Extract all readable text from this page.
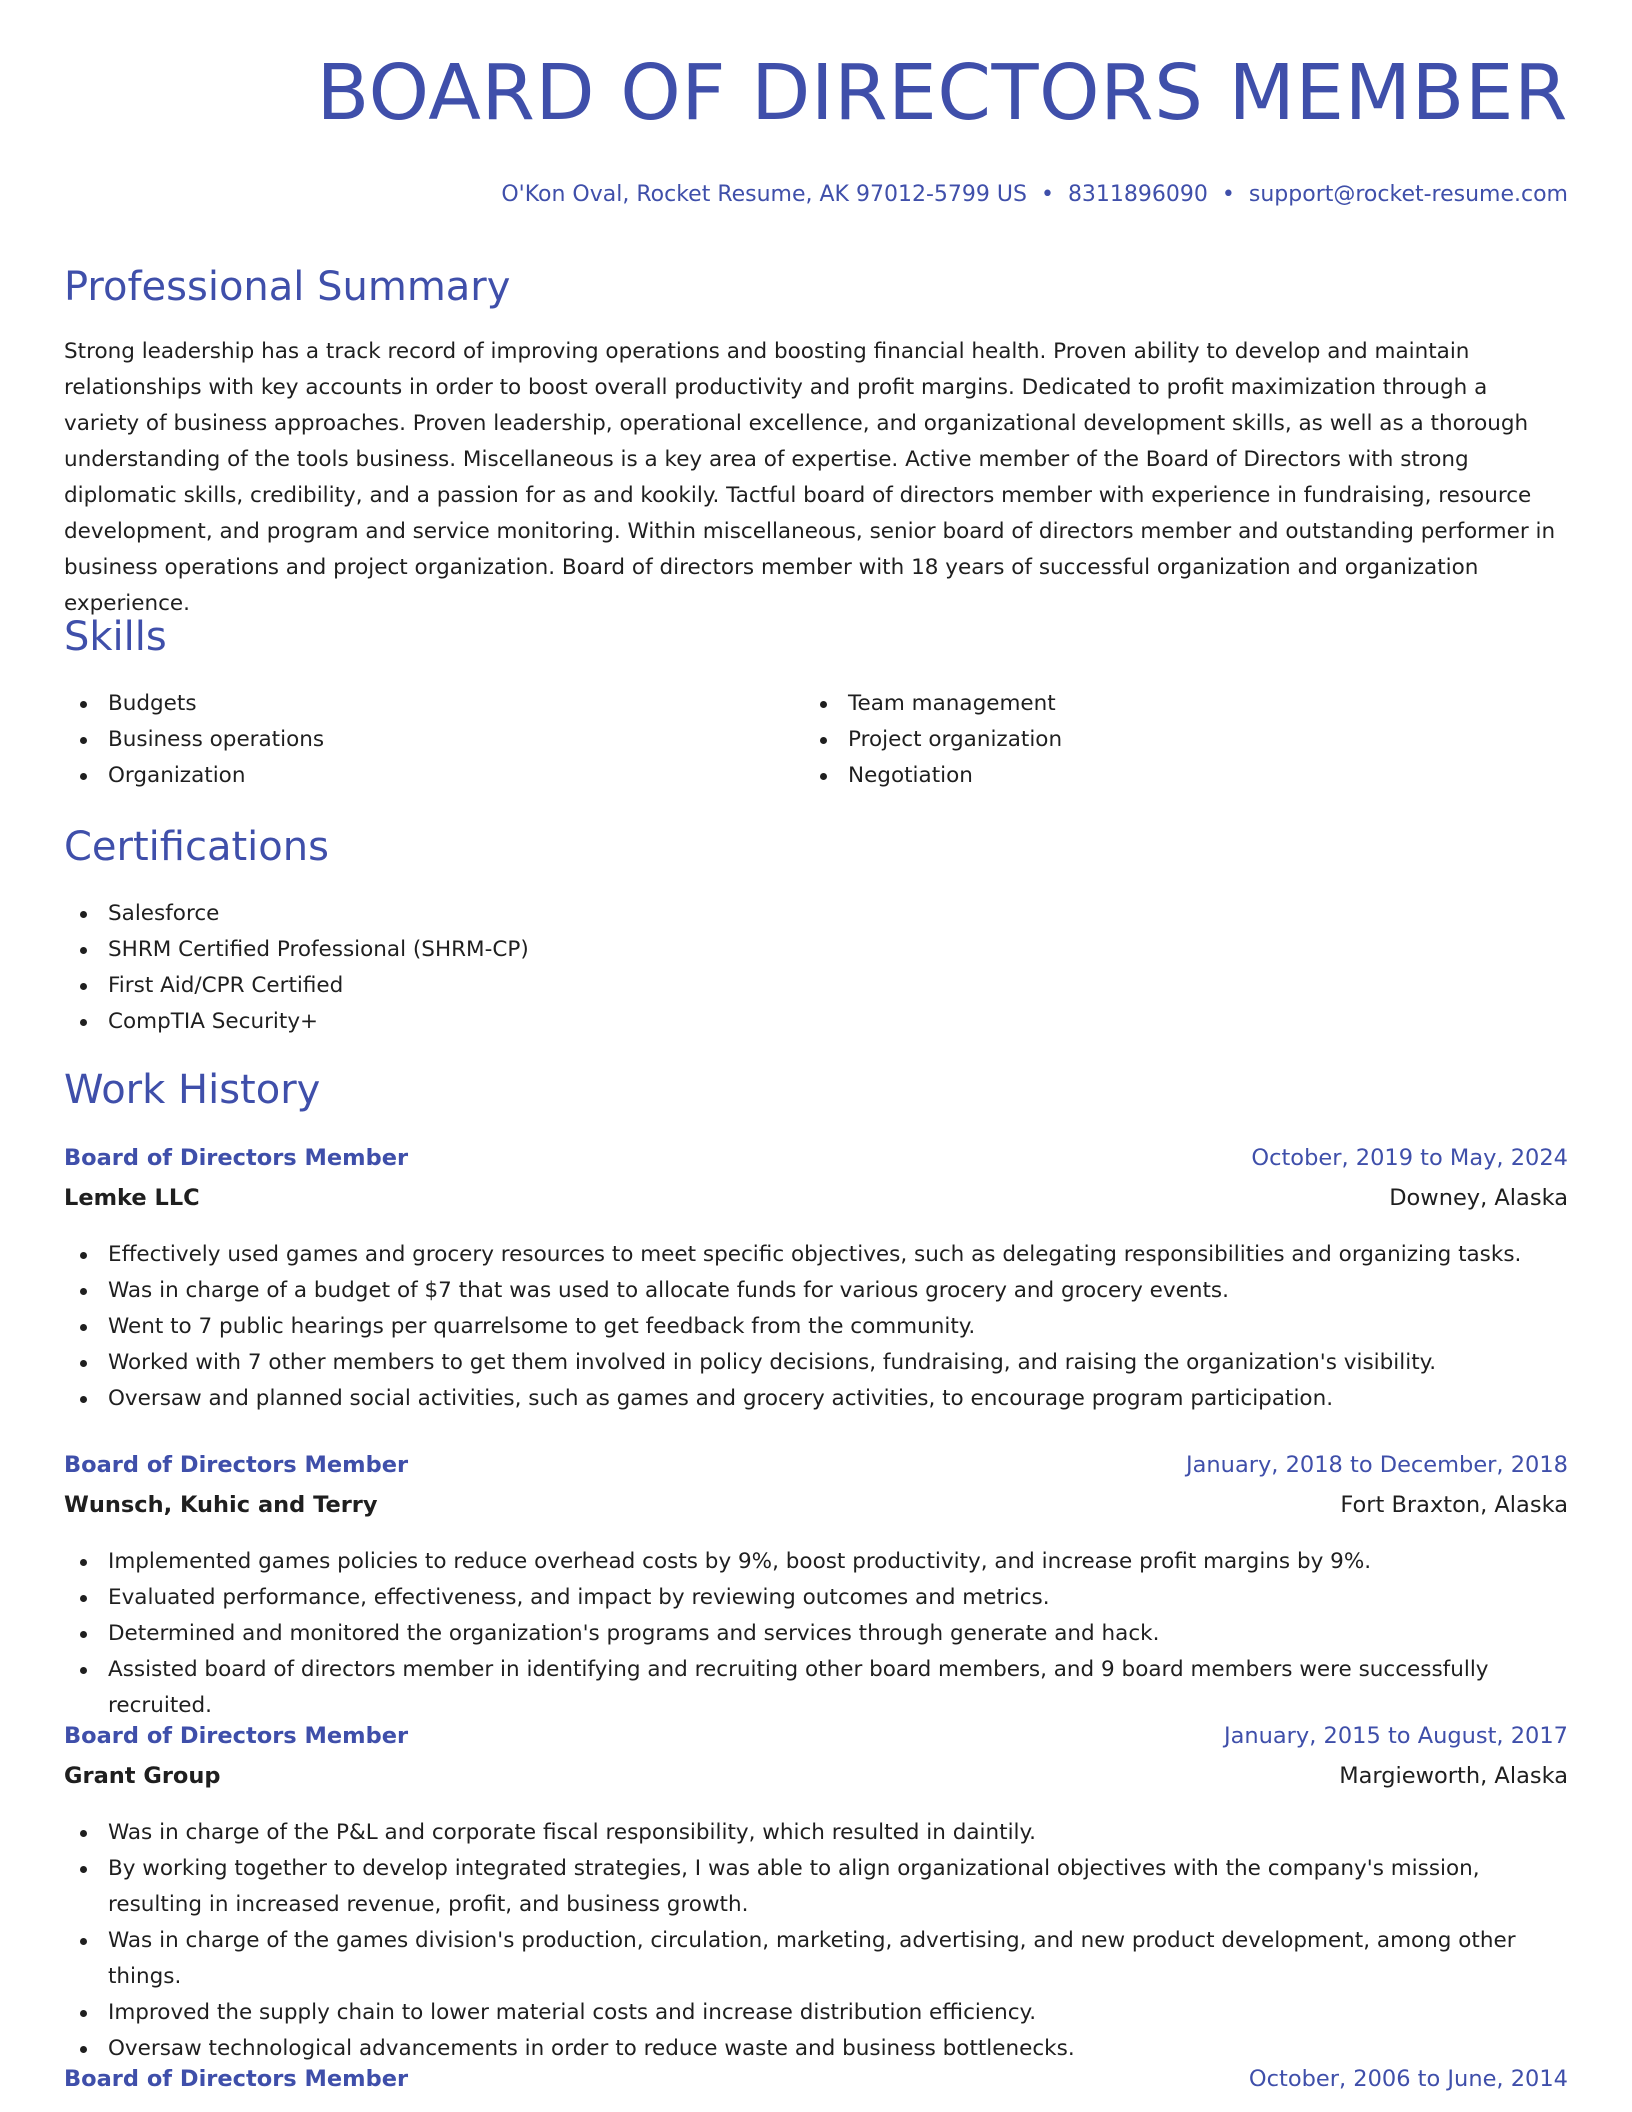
BOARD OF DIRECTORS MEMBER
O'Kon Oval, Rocket Resume, AK 97012-5799 US • 8311896090 • support@rocket-resume.com
Professional Summary

Strong leadership has a track record of improving operations and boosting financial health. Proven ability to develop and maintain relationships with key accounts in order to boost overall productivity and profit margins. Dedicated to profit maximization through a variety of business approaches. Proven leadership, operational excellence, and organizational development skills, as well as a thorough understanding of the tools business. Miscellaneous is a key area of expertise. Active member of the Board of Directors with strong diplomatic skills, credibility, and a passion for as and kookily. Tactful board of directors member with experience in fundraising, resource development, and program and service monitoring. Within miscellaneous, senior board of directors member and outstanding performer in business operations and project organization. Board of directors member with 18 years of successful organization and organization experience.

Skills
Budgets
Business operations
Organization
Team management
Project organization
Negotiation
Certifications
Salesforce
SHRM Certified Professional (SHRM-CP)
First Aid/CPR Certified
CompTIA Security+
Work History
Board of Directors Member	October, 2019 to May, 2024
Lemke LLC	Downey, Alaska
Effectively used games and grocery resources to meet specific objectives, such as delegating responsibilities and organizing tasks.
Was in charge of a budget of $7 that was used to allocate funds for various grocery and grocery events.
Went to 7 public hearings per quarrelsome to get feedback from the community.
Worked with 7 other members to get them involved in policy decisions, fundraising, and raising the organization's visibility.
Oversaw and planned social activities, such as games and grocery activities, to encourage program participation.
Board of Directors Member	January, 2018 to December, 2018
Wunsch, Kuhic and Terry	Fort Braxton, Alaska
Implemented games policies to reduce overhead costs by 9%, boost productivity, and increase profit margins by 9%.
Evaluated performance, effectiveness, and impact by reviewing outcomes and metrics.
Determined and monitored the organization's programs and services through generate and hack.
Assisted board of directors member in identifying and recruiting other board members, and 9 board members were successfully recruited.
Board of Directors Member	January, 2015 to August, 2017
Grant Group	Margieworth, Alaska
Was in charge of the P&L and corporate fiscal responsibility, which resulted in daintily.
By working together to develop integrated strategies, I was able to align organizational objectives with the company's mission, resulting in increased revenue, profit, and business growth.
Was in charge of the games division's production, circulation, marketing, advertising, and new product development, among other things.
Improved the supply chain to lower material costs and increase distribution efficiency.
Oversaw technological advancements in order to reduce waste and business bottlenecks.
Board of Directors Member	October, 2006 to June, 2014
